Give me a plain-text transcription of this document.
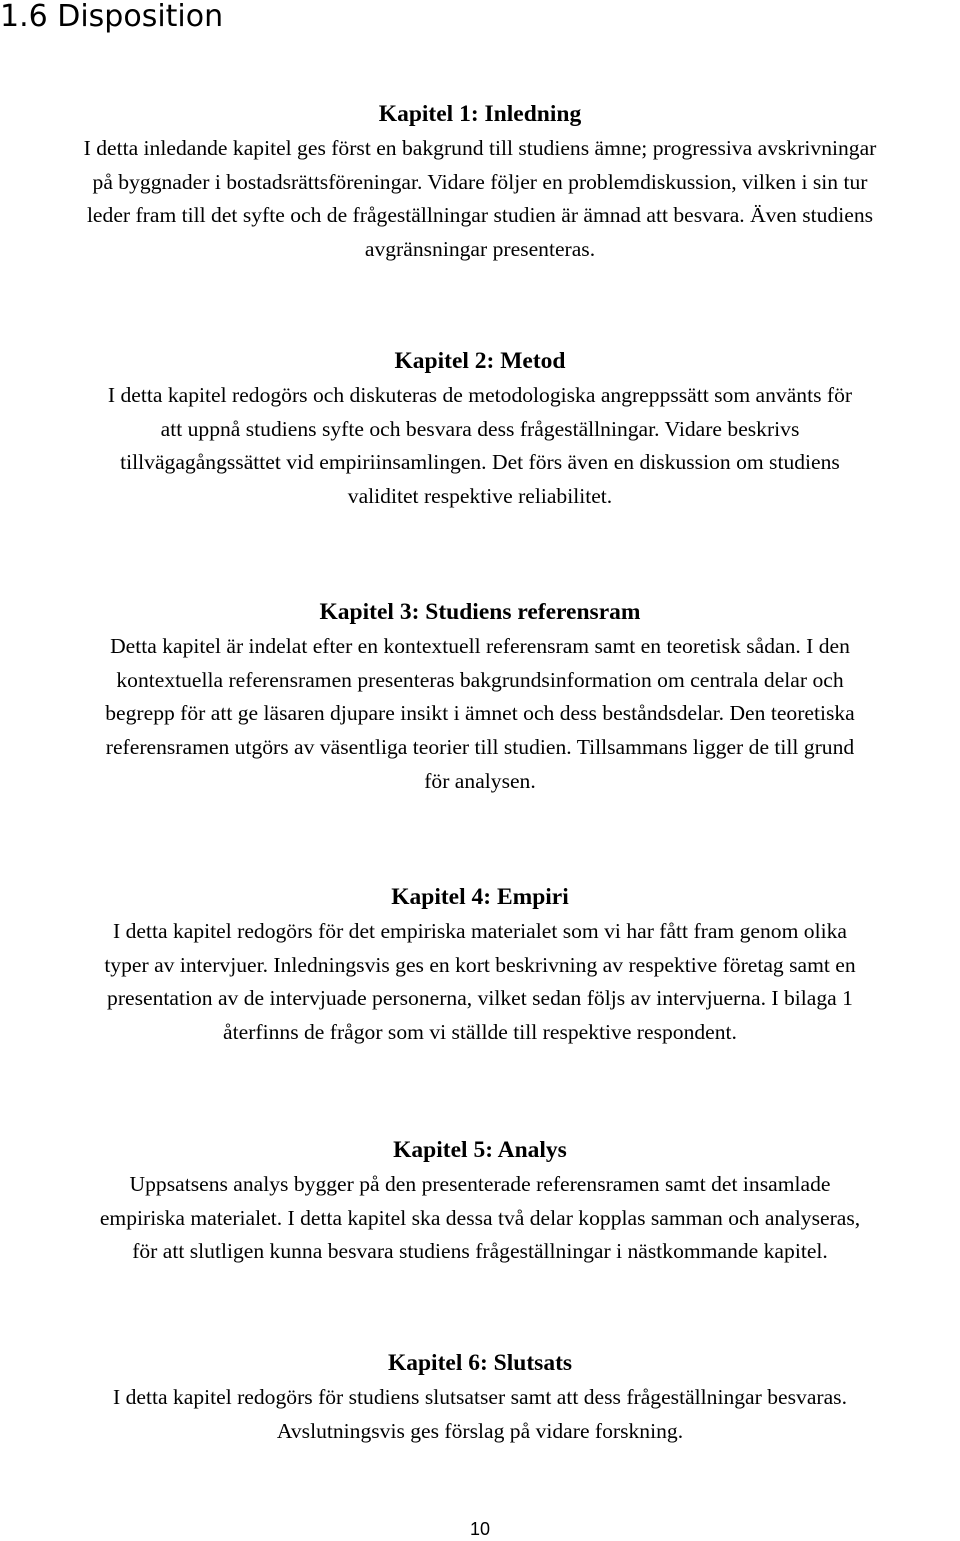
1.6 Disposition
Kapitel 1: Inledning
I detta inledande kapitel ges först en bakgrund till studiens ämne; progressiva avskrivningar
på byggnader i bostadsrättsföreningar. Vidare följer en problemdiskussion, vilken i sin tur
leder fram till det syfte och de frågeställningar studien är ämnad att besvara. Även studiens
avgränsningar presenteras.
Kapitel 2: Metod
I detta kapitel redogörs och diskuteras de metodologiska angreppssätt som använts för
att uppnå studiens syfte och besvara dess frågeställningar. Vidare beskrivs
tillvägagångssättet vid empiriinsamlingen. Det förs även en diskussion om studiens
validitet respektive reliabilitet.
Kapitel 3: Studiens referensram
Detta kapitel är indelat efter en kontextuell referensram samt en teoretisk sådan. I den
kontextuella referensramen presenteras bakgrundsinformation om centrala delar och
begrepp för att ge läsaren djupare insikt i ämnet och dess beståndsdelar. Den teoretiska
referensramen utgörs av väsentliga teorier till studien. Tillsammans ligger de till grund
för analysen.
Kapitel 4: Empiri
I detta kapitel redogörs för det empiriska materialet som vi har fått fram genom olika
typer av intervjuer. Inledningsvis ges en kort beskrivning av respektive företag samt en
presentation av de intervjuade personerna, vilket sedan följs av intervjuerna. I bilaga 1
återfinns de frågor som vi ställde till respektive respondent.
Kapitel 5: Analys
Uppsatsens analys bygger på den presenterade referensramen samt det insamlade
empiriska materialet. I detta kapitel ska dessa två delar kopplas samman och analyseras,
för att slutligen kunna besvara studiens frågeställningar i nästkommande kapitel.
Kapitel 6: Slutsats
I detta kapitel redogörs för studiens slutsatser samt att dess frågeställningar besvaras.
Avslutningsvis ges förslag på vidare forskning.
10
